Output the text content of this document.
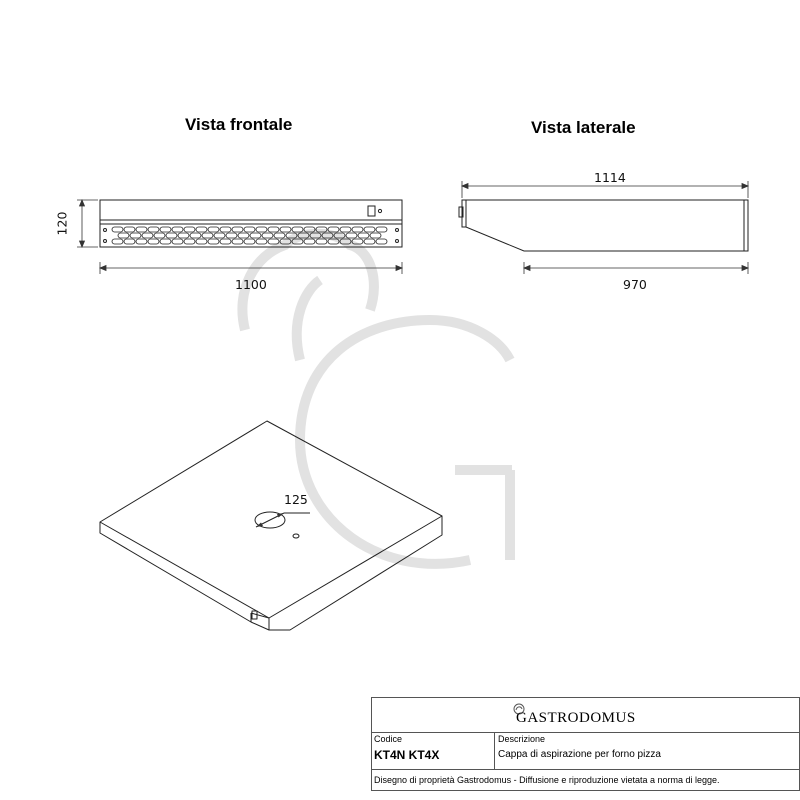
Vista frontale
120
1100
Vista laterale
1114
970
125
GASTRODOMUS
Codice
KT4N KT4X
Descrizione
Cappa di aspirazione per forno pizza
Disegno di proprietà Gastrodomus - Diffusione e riproduzione vietata a norma di legge.
